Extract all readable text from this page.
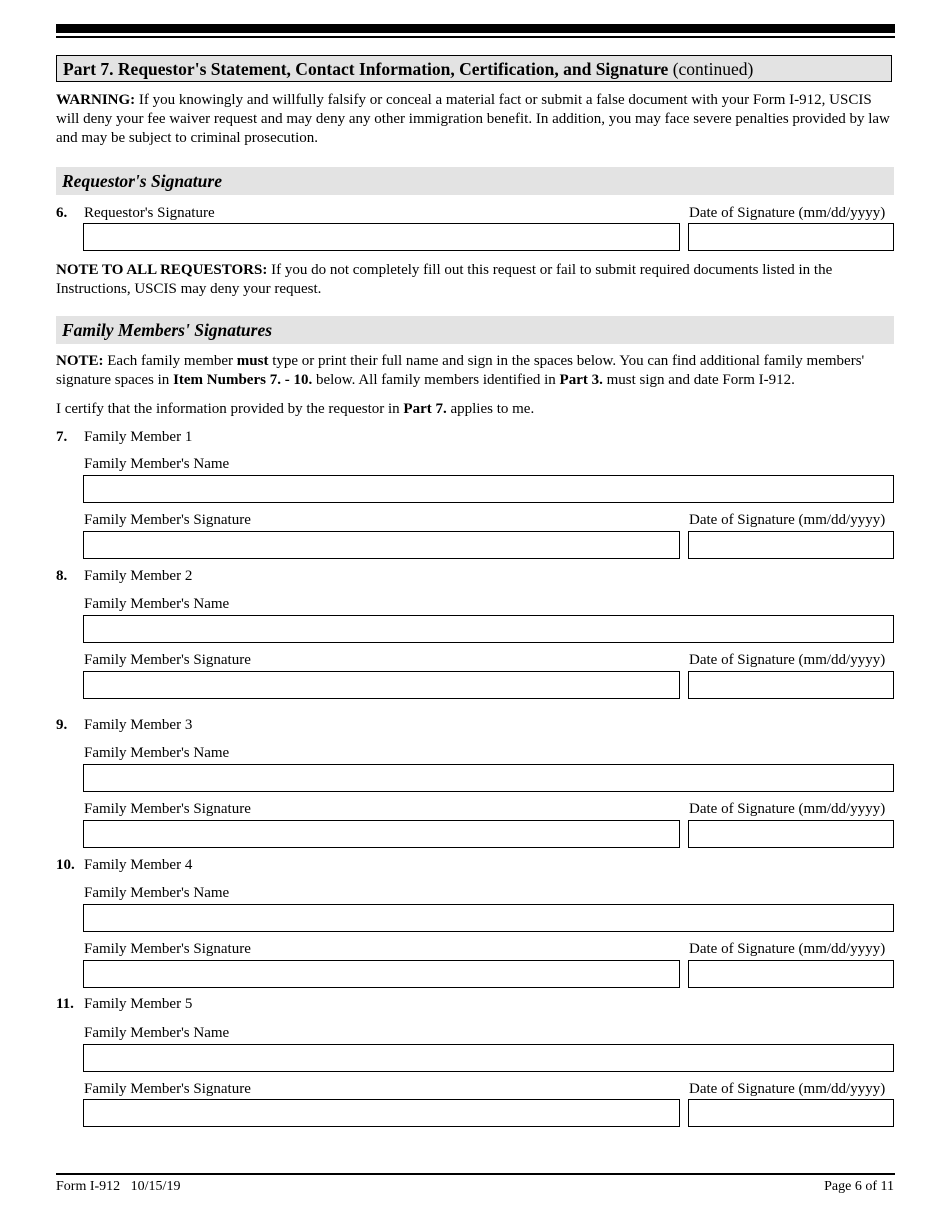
Part 7. Requestor's Statement, Contact Information, Certification, and Signature (continued)
WARNING: If you knowingly and willfully falsify or conceal a material fact or submit a false document with your Form I-912, USCIS will deny your fee waiver request and may deny any other immigration benefit. In addition, you may face severe penalties provided by law and may be subject to criminal prosecution.
Requestor's Signature
6. Requestor's Signature	Date of Signature (mm/dd/yyyy)
NOTE TO ALL REQUESTORS: If you do not completely fill out this request or fail to submit required documents listed in the Instructions, USCIS may deny your request.
Family Members' Signatures
NOTE: Each family member must type or print their full name and sign in the spaces below. You can find additional family members' signature spaces in Item Numbers 7. - 10. below. All family members identified in Part 3. must sign and date Form I-912.
I certify that the information provided by the requestor in Part 7. applies to me.
7. Family Member 1
Family Member's Name
Family Member's Signature	Date of Signature (mm/dd/yyyy)
8. Family Member 2
Family Member's Name
Family Member's Signature	Date of Signature (mm/dd/yyyy)
9. Family Member 3
Family Member's Name
Family Member's Signature	Date of Signature (mm/dd/yyyy)
10. Family Member 4
Family Member's Name
Family Member's Signature	Date of Signature (mm/dd/yyyy)
11. Family Member 5
Family Member's Name
Family Member's Signature	Date of Signature (mm/dd/yyyy)
Form I-912   10/15/19	Page 6 of 11
